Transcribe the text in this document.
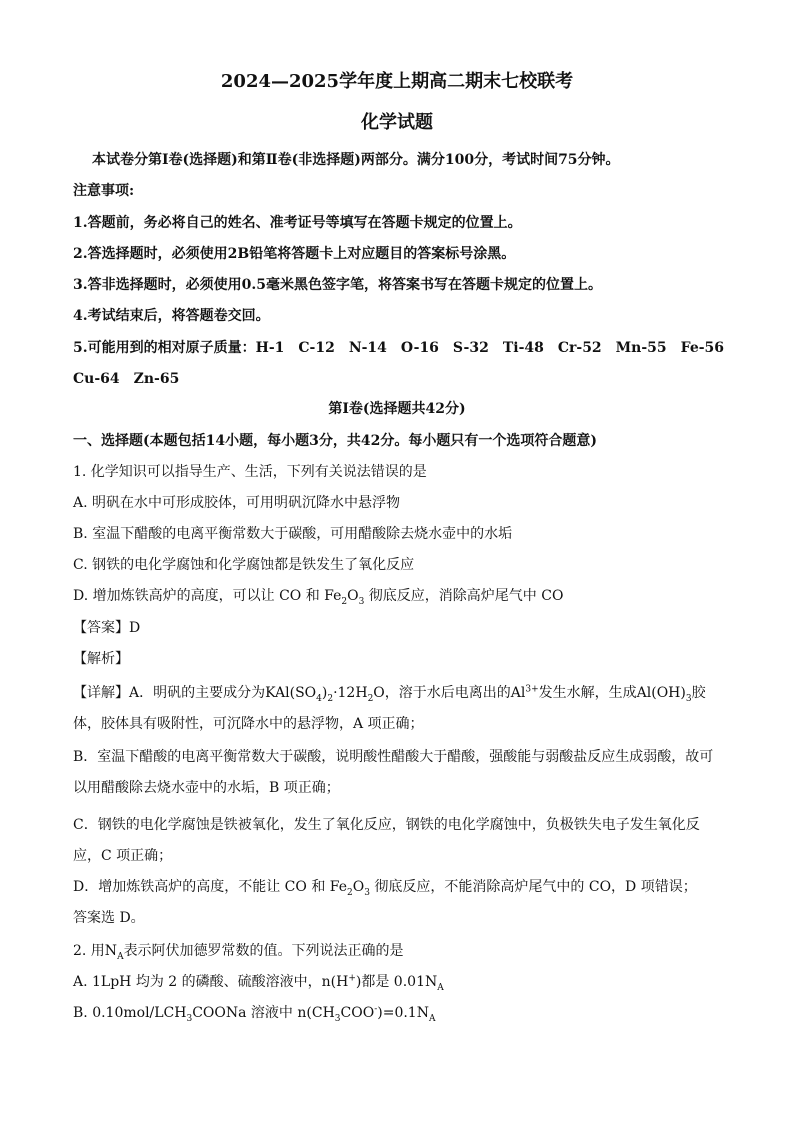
2024—2025学年度上期高二期末七校联考
化学试题
本试卷分第Ⅰ卷(选择题)和第Ⅱ卷(非选择题)两部分。满分100分，考试时间75分钟。
注意事项:
1.答题前，务必将自己的姓名、准考证号等填写在答题卡规定的位置上。
2.答选择题时，必须使用2B铅笔将答题卡上对应题目的答案标号涂黑。
3.答非选择题时，必须使用0.5毫米黑色签字笔，将答案书写在答题卡规定的位置上。
4.考试结束后，将答题卷交回。
5.可能用到的相对原子质量：H-1　C-12　N-14　O-16　S-32　Ti-48　Cr-52　Mn-55　Fe-56
Cu-64　Zn-65
第Ⅰ卷(选择题共42分)
一、选择题(本题包括14小题，每小题3分，共42分。每小题只有一个选项符合题意)
1. 化学知识可以指导生产、生活，下列有关说法错误的是
A. 明矾在水中可形成胶体，可用明矾沉降水中悬浮物
B. 室温下醋酸的电离平衡常数大于碳酸，可用醋酸除去烧水壶中的水垢
C. 钢铁的电化学腐蚀和化学腐蚀都是铁发生了氧化反应
D. 增加炼铁高炉的高度，可以让 CO 和 $Fe_2O_3$ 彻底反应，消除高炉尾气中 CO
【答案】D
【解析】
【详解】A．明矾的主要成分为$KAl(SO_4)_2\cdot 12H_2O$，溶于水后电离出的$Al^{3+}$发生水解，生成$Al(OH)_3$胶
体，胶体具有吸附性，可沉降水中的悬浮物，A 项正确；
B．室温下醋酸的电离平衡常数大于碳酸，说明酸性醋酸大于醋酸，强酸能与弱酸盐反应生成弱酸，故可
以用醋酸除去烧水壶中的水垢，B 项正确；
C．钢铁的电化学腐蚀是铁被氧化，发生了氧化反应，钢铁的电化学腐蚀中，负极铁失电子发生氧化反
应，C 项正确；
D．增加炼铁高炉的高度，不能让 CO 和 $Fe_2O_3$ 彻底反应，不能消除高炉尾气中的 CO，D 项错误；
答案选 D。
2. 用$N_A$表示阿伏加德罗常数的值。下列说法正确的是
A. 1LpH 均为 2 的磷酸、硫酸溶液中，n(H+)都是 $0.01N_A$
B. $0.10mol/LCH_3COONa$ 溶液中 $n(CH_3COO^-)=0.1N_A$
